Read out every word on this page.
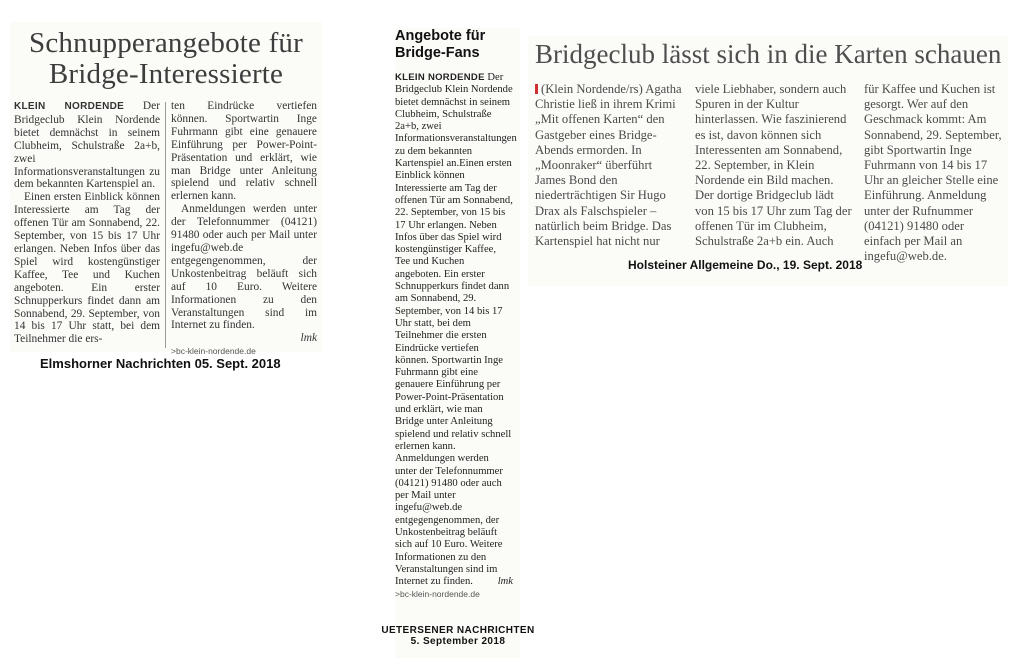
Schnupperangebote für
Bridge-Interessierte

KLEIN NORDENDE Der Bridgeclub Klein Nordende bietet demnächst in seinem Clubheim, Schulstraße 2a+b, zwei Informationsveranstaltungen zu dem bekannten Kartenspiel an.

Einen ersten Einblick können Interessierte am Tag der offenen Tür am Sonnabend, 22. September, von 15 bis 17 Uhr erlangen. Neben Infos über das Spiel wird kostengünstiger Kaffee, Tee und Kuchen angeboten. Ein erster Schnupperkurs findet dann am Sonnabend, 29. September, von 14 bis 17 Uhr statt, bei dem Teilnehmer die ers-

ten Eindrücke vertiefen können. Sportwartin Inge Fuhrmann gibt eine genauere Einführung per Power-Point-Präsentation und erklärt, wie man Bridge unter Anleitung spielend und relativ schnell erlernen kann.

Anmeldungen werden unter der Telefonnummer (04121) 91480 oder auch per Mail unter ingefu@web.de entgegengenommen, der Unkostenbeitrag beläuft sich auf 10 Euro. Weitere Informationen zu den Veranstaltungen sind im Internet zu finden.

lmk

>bc-klein-nordende.de

Elmshorner Nachrichten 05. Sept. 2018
Angebote für
Bridge-Fans

KLEIN NORDENDE Der Bridgeclub Klein Nordende bietet demnächst in seinem Clubheim, Schulstraße 2a+b, zwei Informationsveranstaltungen zu dem bekannten Kartenspiel an.Einen ersten Einblick können Interessierte am Tag der offenen Tür am Sonnabend, 22. September, von 15 bis 17 Uhr erlangen. Neben Infos über das Spiel wird kostengünstiger Kaffee, Tee und Kuchen angeboten. Ein erster Schnupperkurs findet dann am Sonnabend, 29. September, von 14 bis 17 Uhr statt, bei dem Teilnehmer die ersten Eindrücke vertiefen können. Sportwartin Inge Fuhrmann gibt eine genauere Einführung per Power-Point-Präsentation und erklärt, wie man Bridge unter Anleitung spielend und relativ schnell erlernen kann. Anmeldungen werden unter der Telefonnummer (04121) 91480 oder auch per Mail unter ingefu@web.de entgegengenommen, der Unkostenbeitrag beläuft sich auf 10 Euro. Weitere Informationen zu den Veranstaltungen sind im Internet zu finden. lmk

>bc-klein-nordende.de

UETERSENER NACHRICHTEN
5. September 2018
Bridgeclub lässt sich in die Karten schauen

(Klein Nordende/rs) Agatha Christie ließ in ihrem Krimi „Mit offenen Karten“ den Gastgeber eines Bridge-Abends ermorden. In „Moonraker“ überführt James Bond den niederträchtigen Sir Hugo Drax als Falschspieler – natürlich beim Bridge. Das Kartenspiel hat nicht nur

viele Liebhaber, sondern auch Spuren in der Kultur hinterlassen. Wie faszinierend es ist, davon können sich Interessenten am Sonnabend, 22. September, in Klein Nordende ein Bild machen. Der dortige Bridgeclub lädt von 15 bis 17 Uhr zum Tag der offenen Tür im Clubheim, Schulstraße 2a+b ein. Auch

für Kaffee und Kuchen ist gesorgt. Wer auf den Geschmack kommt: Am Sonnabend, 29. September, gibt Sportwartin Inge Fuhrmann von 14 bis 17 Uhr an gleicher Stelle eine Einführung. Anmeldung unter der Rufnummer (04121) 91480 oder einfach per Mail an ingefu@web.de.

Holsteiner Allgemeine Do., 19. Sept. 2018
